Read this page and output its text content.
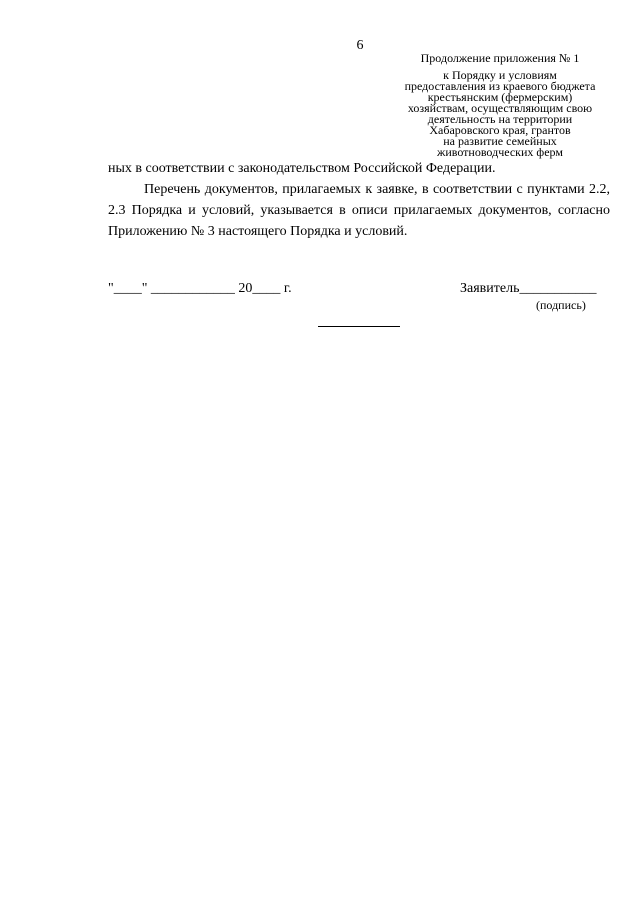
6
Продолжение приложения № 1
к Порядку и условиям
предоставления из краевого бюджета
крестьянским (фермерским)
хозяйствам, осуществляющим свою
деятельность на территории
Хабаровского края, грантов
на развитие семейных
животноводческих ферм
ных в соответствии с законодательством Российской Федерации.
Перечень документов, прилагаемых к заявке, в соответствии с пунктами 2.2, 2.3 Порядка и условий, указывается в описи прилагаемых документов, согласно Приложению № 3 настоящего Порядка и условий.
"____" ____________ 20____ г.	Заявитель___________
(подпись)
